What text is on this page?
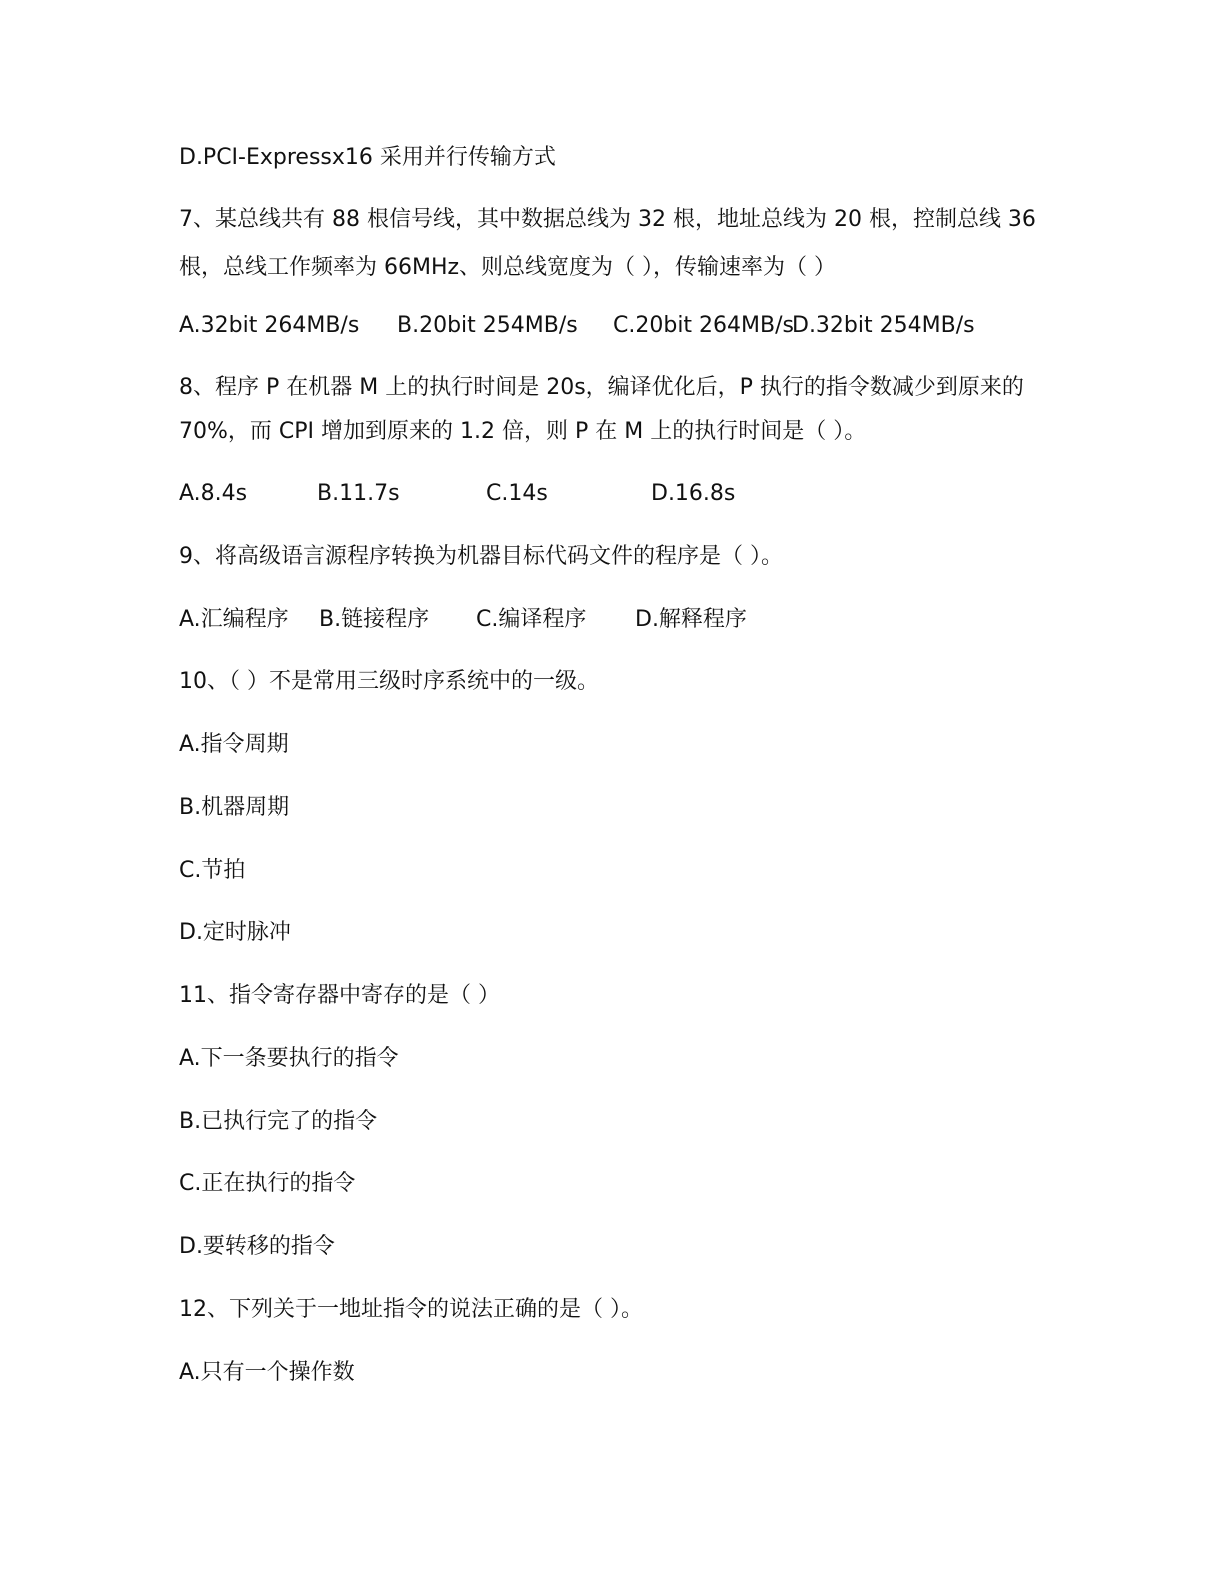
D.PCI-Expressx16 采用并行传输方式
7、某总线共有 88 根信号线，其中数据总线为 32 根，地址总线为 20 根，控制总线 36
根，总线工作频率为 66MHz、则总线宽度为（ ），传输速率为（ ）
A.32bit 264MB/s B.20bit 254MB/s C.20bit 264MB/s
D.32bit 254MB/s
8、程序 P 在机器 M 上的执行时间是 20s，编译优化后，P 执行的指令数减少到原来的
70%，而 CPI 增加到原来的 1.2 倍，则 P 在 M 上的执行时间是（ ）。
A.8.4s	B.11.7s	C.14s	D.16.8s
9、将高级语言源程序转换为机器目标代码文件的程序是（ ）。
A.汇编程序 B.链接程序 C.编译程序 D.解释程序
10、（ ）不是常用三级时序系统中的一级。
A.指令周期
B.机器周期
C.节拍
D.定时脉冲
11、指令寄存器中寄存的是（ ）
A.下一条要执行的指令
B.已执行完了的指令
C.正在执行的指令
D.要转移的指令
12、下列关于一地址指令的说法正确的是（ ）。
A.只有一个操作数
